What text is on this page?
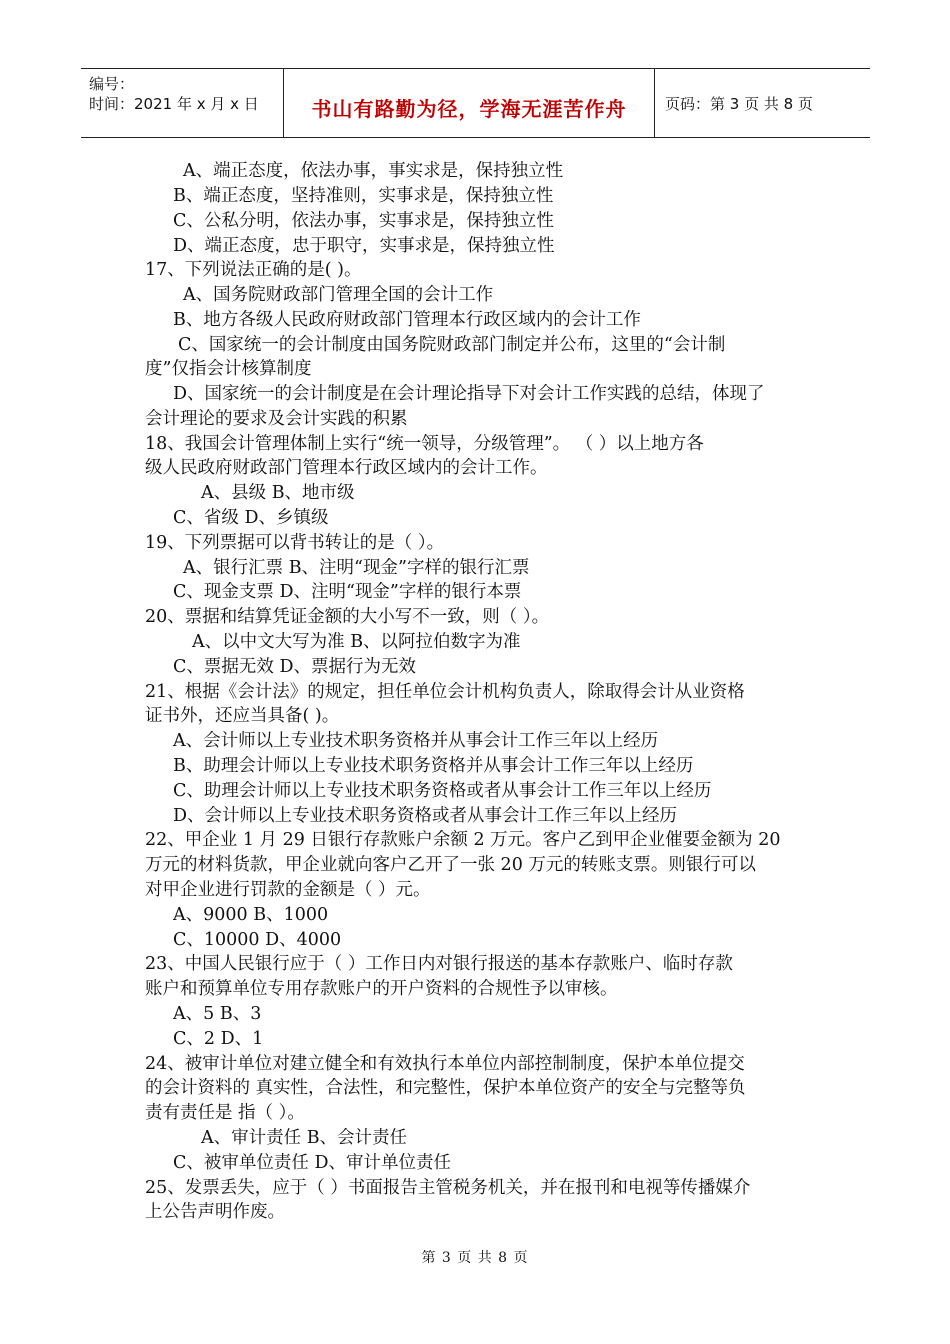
编号：
时间：2021 年 x 月 x 日	书山有路勤为径，学海无涯苦作舟	页码：第 3 页 共 8 页
A、端正态度，依法办事，事实求是，保持独立性
B、端正态度，坚持准则，实事求是，保持独立性
C、公私分明，依法办事，实事求是，保持独立性
D、端正态度，忠于职守，实事求是，保持独立性
17、下列说法正确的是( )。
A、国务院财政部门管理全国的会计工作
B、地方各级人民政府财政部门管理本行政区域内的会计工作
C、国家统一的会计制度由国务院财政部门制定并公布，这里的“会计制
度”仅指会计核算制度
D、国家统一的会计制度是在会计理论指导下对会计工作实践的总结，体现了
会计理论的要求及会计实践的积累
18、我国会计管理体制上实行“统一领导，分级管理”。 （ ）以上地方各
级人民政府财政部门管理本行政区域内的会计工作。
A、县级 B、地市级
C、省级 D、乡镇级
19、下列票据可以背书转让的是（ ）。
A、银行汇票 B、注明“现金”字样的银行汇票
C、现金支票 D、注明“现金”字样的银行本票
20、票据和结算凭证金额的大小写不一致，则（ ）。
A、以中文大写为准 B、以阿拉伯数字为准
C、票据无效 D、票据行为无效
21、根据《会计法》的规定，担任单位会计机构负责人，除取得会计从业资格
证书外，还应当具备( )。
A、会计师以上专业技术职务资格并从事会计工作三年以上经历
B、助理会计师以上专业技术职务资格并从事会计工作三年以上经历
C、助理会计师以上专业技术职务资格或者从事会计工作三年以上经历
D、会计师以上专业技术职务资格或者从事会计工作三年以上经历
22、甲企业 1 月 29 日银行存款账户余额 2 万元。客户乙到甲企业催要金额为 20
万元的材料货款，甲企业就向客户乙开了一张 20 万元的转账支票。则银行可以
对甲企业进行罚款的金额是（ ）元。
A、9000 B、1000
C、10000 D、4000
23、中国人民银行应于（ ）工作日内对银行报送的基本存款账户、临时存款
账户和预算单位专用存款账户的开户资料的合规性予以审核。
A、5 B、3
C、2 D、1
24、被审计单位对建立健全和有效执行本单位内部控制制度，保护本单位提交
的会计资料的 真实性，合法性，和完整性，保护本单位资产的安全与完整等负
责有责任是 指（ ）。
A、审计责任 B、会计责任
C、被审单位责任 D、审计单位责任
25、发票丢失，应于（ ）书面报告主管税务机关，并在报刊和电视等传播媒介
上公告声明作废。
第 3 页 共 8 页
